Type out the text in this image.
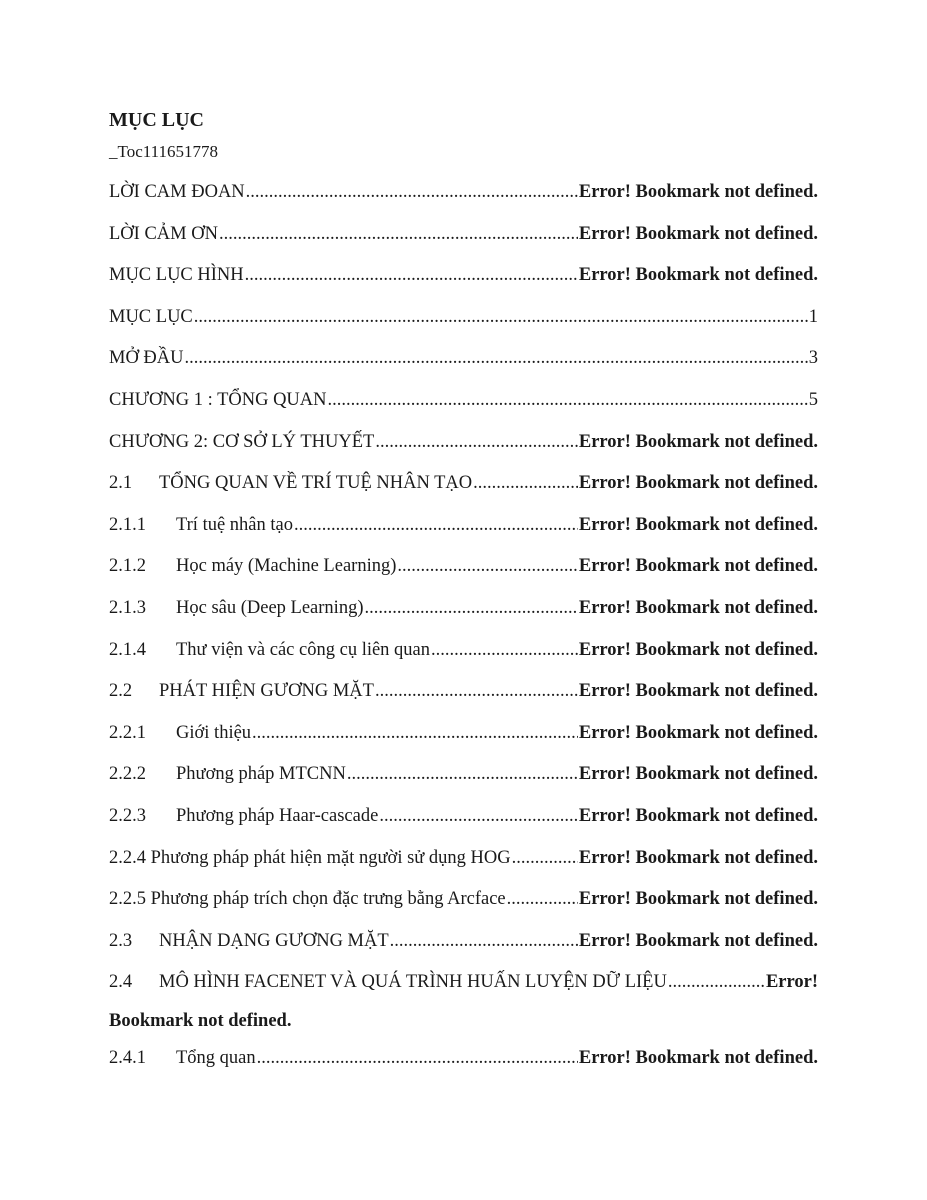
MỤC LỤC
_Toc111651778
LỜI CAM ĐOAN .....	Error! Bookmark not defined.
LỜI CẢM ƠN .....	Error! Bookmark not defined.
MỤC LỤC HÌNH .....	Error! Bookmark not defined.
MỤC LỤC .....	1
MỞ ĐẦU .....	3
CHƯƠNG 1 : TỔNG QUAN .....	5
CHƯƠNG 2: CƠ SỞ LÝ THUYẾT .....	Error! Bookmark not defined.
2.1	TỔNG QUAN VỀ TRÍ TUỆ NHÂN TẠO .....	Error! Bookmark not defined.
2.1.1	Trí tuệ nhân tạo .....	Error! Bookmark not defined.
2.1.2	Học máy (Machine Learning) .....	Error! Bookmark not defined.
2.1.3	Học sâu (Deep Learning) .....	Error! Bookmark not defined.
2.1.4	Thư viện và các công cụ liên quan .....	Error! Bookmark not defined.
2.2	PHÁT HIỆN GƯƠNG MẶT .....	Error! Bookmark not defined.
2.2.1	Giới thiệu .....	Error! Bookmark not defined.
2.2.2	Phương pháp MTCNN .....	Error! Bookmark not defined.
2.2.3	Phương pháp Haar-cascade .....	Error! Bookmark not defined.
2.2.4 Phương pháp phát hiện mặt người sử dụng HOG .....	Error! Bookmark not defined.
2.2.5 Phương pháp trích chọn đặc trưng bằng Arcface .....	Error! Bookmark not defined.
2.3	NHẬN DẠNG GƯƠNG MẶT .....	Error! Bookmark not defined.
2.4	MÔ HÌNH FACENET VÀ QUÁ TRÌNH HUẤN LUYỆN DỮ LIỆU .....	Error!
Bookmark not defined.
2.4.1	Tổng quan .....	Error! Bookmark not defined.
